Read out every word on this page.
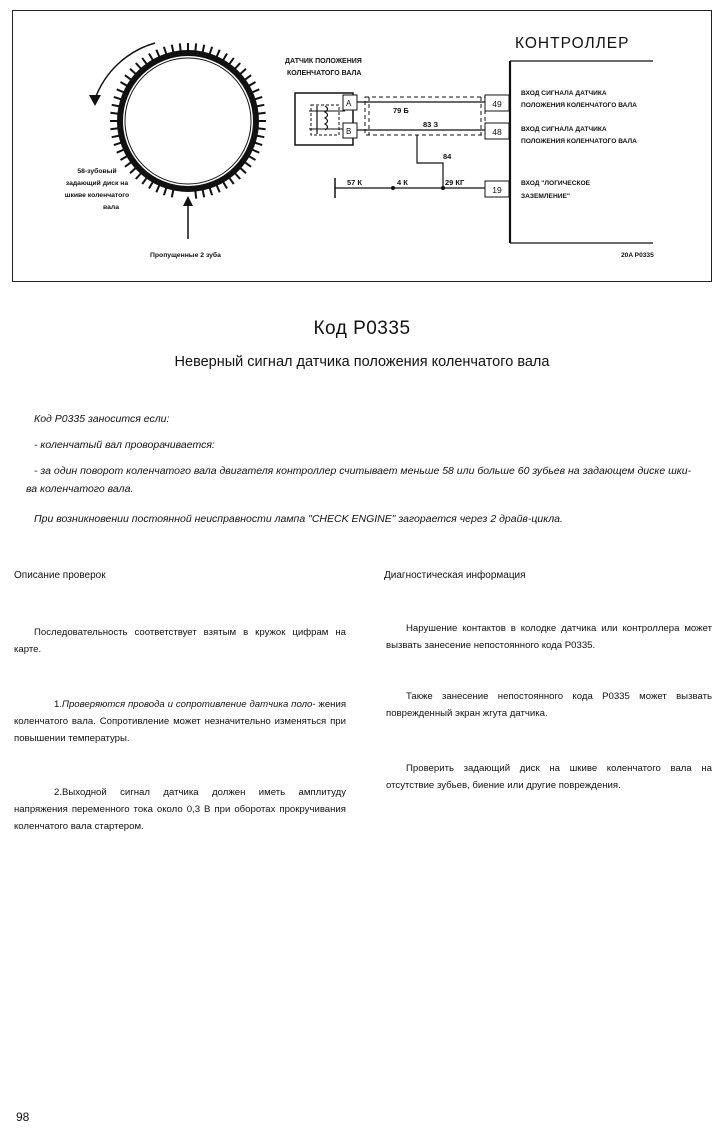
58-зубовый
задающий диск на
шкиве коленчатого
вала
Пропущенные 2 зуба
ДАТЧИК ПОЛОЖЕНИЯ
КОЛЕНЧАТОГО ВАЛА
A
B
79 Б
83 З
84
57 К	4 К	29 КГ
КОНТРОЛЛЕР
49
48
19
ВХОД СИГНАЛА ДАТЧИКА
ПОЛОЖЕНИЯ КОЛЕНЧАТОГО ВАЛА
ВХОД СИГНАЛА ДАТЧИКА
ПОЛОЖЕНИЯ КОЛЕНЧАТОГО ВАЛА
ВХОД "ЛОГИЧЕСКОЕ
ЗАЗЕМЛЕНИЕ"
20A P0335
Код P0335
Неверный сигнал датчика положения коленчатого вала
Код P0335 заносится если:
- коленчатый вал проворачивается:
- за один поворот коленчатого вала двигателя контроллер считывает меньше 58 или больше 60 зубьев на задающем диске шки-
ва коленчатого вала.
При возникновении постоянной неисправности лампа "CHECK ENGINE" загорается через 2 драйв-цикла.
Описание проверок
Последовательность соответствует взятым в кружок цифрам на карте.
1.Проверяются провода и сопротивление датчика поло- жения коленчатого вала. Сопротивление может незначительно изменяться при повышении температуры.
2.Выходной сигнал датчика должен иметь амплитуду напряжения переменного тока около 0,3 В при оборотах прокручивания коленчатого вала стартером.
Диагностическая информация
Нарушение контактов в колодке датчика или контроллера может вызвать занесение непостоянного кода P0335.
Также занесение непостоянного кода P0335 может вызвать поврежденный экран жгута датчика.
Проверить задающий диск на шкиве коленчатого вала на отсутствие зубьев, биение или другие повреждения.
98
